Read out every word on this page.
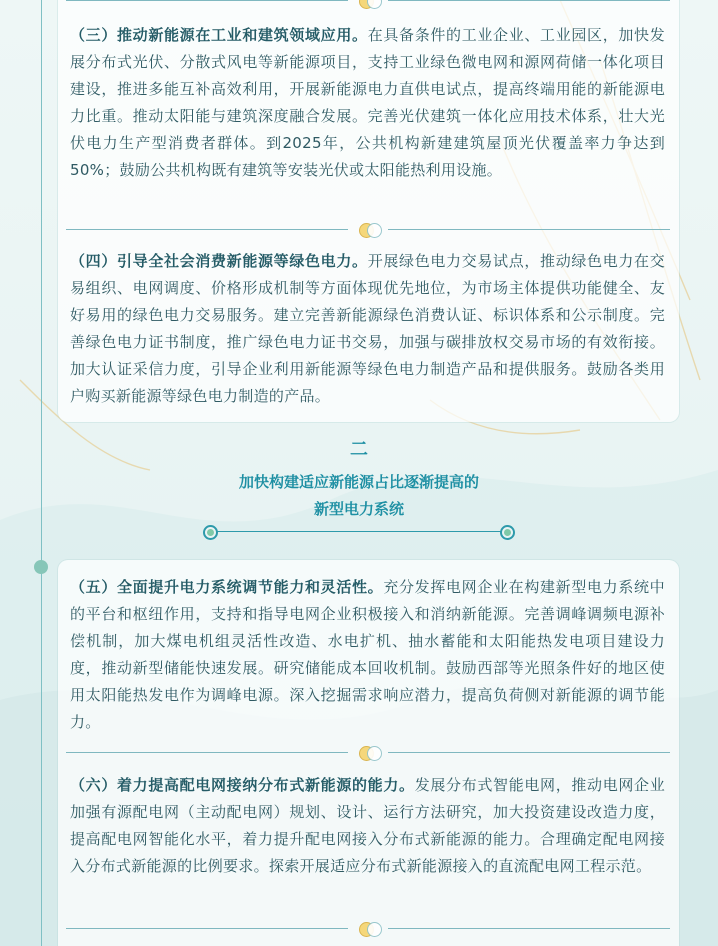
（三）推动新能源在工业和建筑领域应用。在具备条件的工业企业、工业园区，加快发展分布式光伏、分散式风电等新能源项目，支持工业绿色微电网和源网荷储一体化项目建设，推进多能互补高效利用，开展新能源电力直供电试点，提高终端用能的新能源电力比重。推动太阳能与建筑深度融合发展。完善光伏建筑一体化应用技术体系，壮大光伏电力生产型消费者群体。到2025年，公共机构新建建筑屋顶光伏覆盖率力争达到50%；鼓励公共机构既有建筑等安装光伏或太阳能热利用设施。

（四）引导全社会消费新能源等绿色电力。开展绿色电力交易试点，推动绿色电力在交易组织、电网调度、价格形成机制等方面体现优先地位，为市场主体提供功能健全、友好易用的绿色电力交易服务。建立完善新能源绿色消费认证、标识体系和公示制度。完善绿色电力证书制度，推广绿色电力证书交易，加强与碳排放权交易市场的有效衔接。加大认证采信力度，引导企业利用新能源等绿色电力制造产品和提供服务。鼓励各类用户购买新能源等绿色电力制造的产品。

二

加快构建适应新能源占比逐渐提高的

新型电力系统

（五）全面提升电力系统调节能力和灵活性。充分发挥电网企业在构建新型电力系统中的平台和枢纽作用，支持和指导电网企业积极接入和消纳新能源。完善调峰调频电源补偿机制，加大煤电机组灵活性改造、水电扩机、抽水蓄能和太阳能热发电项目建设力度，推动新型储能快速发展。研究储能成本回收机制。鼓励西部等光照条件好的地区使用太阳能热发电作为调峰电源。深入挖掘需求响应潜力，提高负荷侧对新能源的调节能力。

（六）着力提高配电网接纳分布式新能源的能力。发展分布式智能电网，推动电网企业加强有源配电网（主动配电网）规划、设计、运行方法研究，加大投资建设改造力度，提高配电网智能化水平，着力提升配电网接入分布式新能源的能力。合理确定配电网接入分布式新能源的比例要求。探索开展适应分布式新能源接入的直流配电网工程示范。
